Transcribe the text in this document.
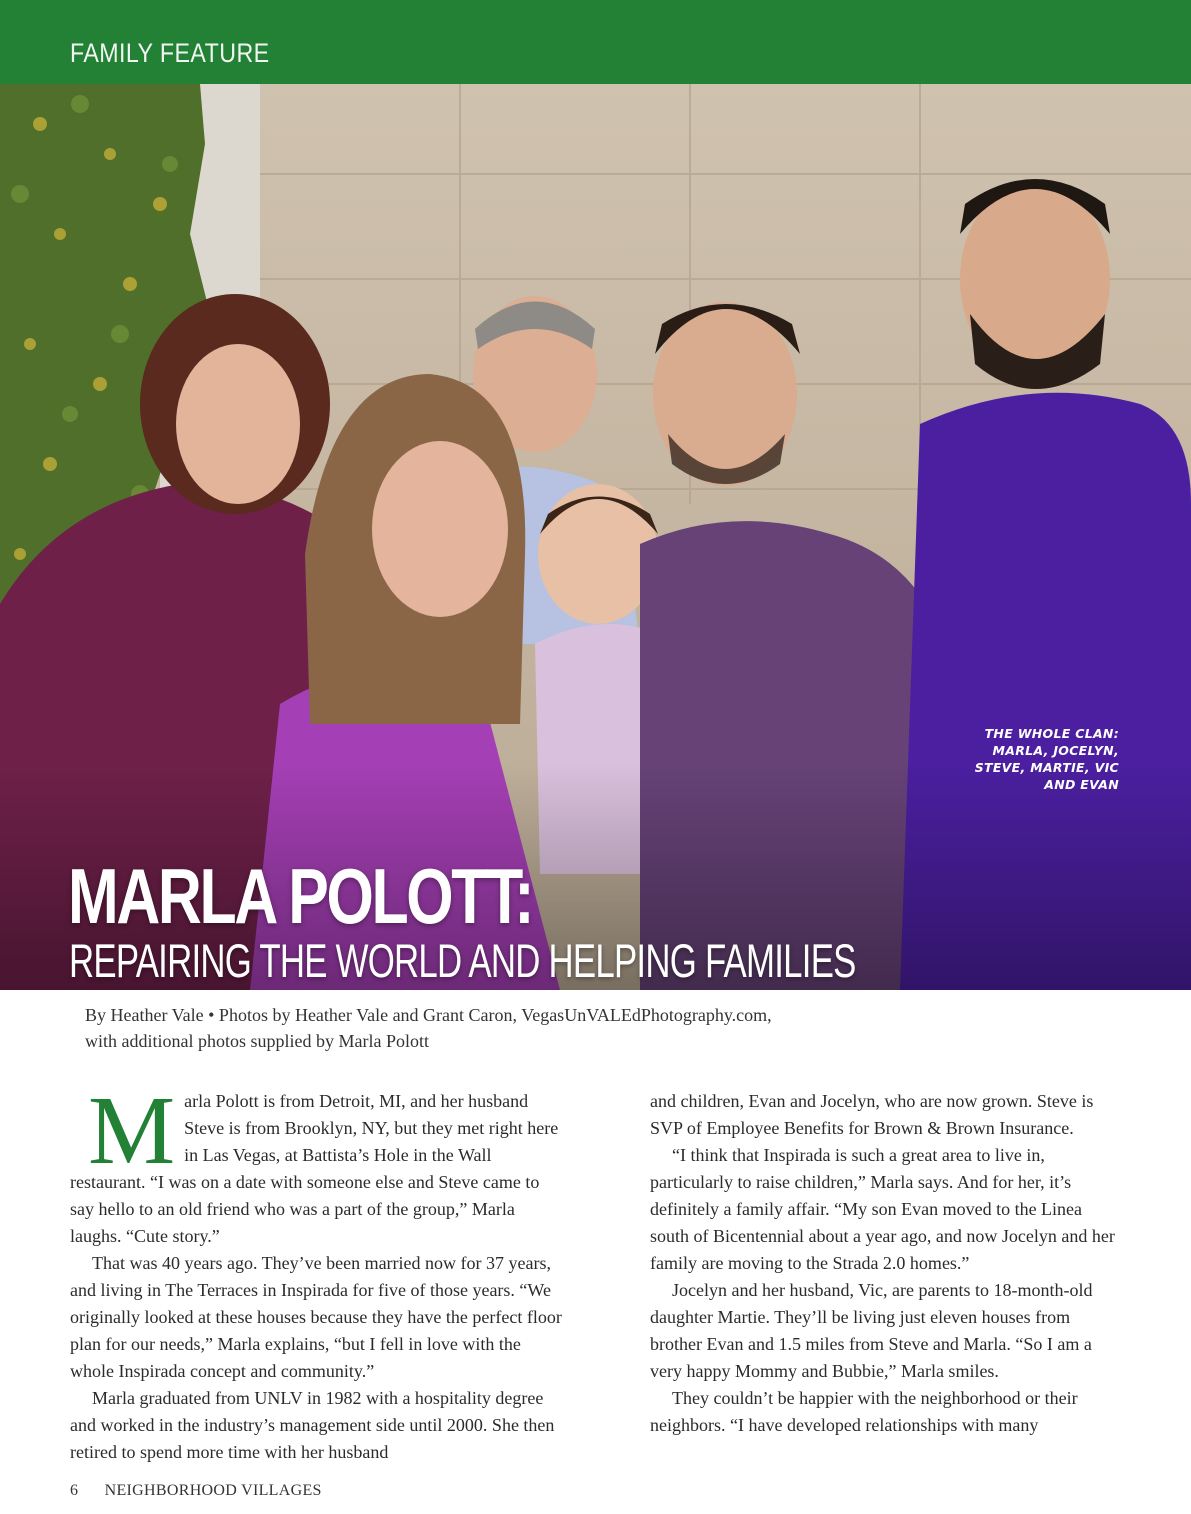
FAMILY FEATURE
THE WHOLE CLAN: MARLA, JOCELYN, STEVE, MARTIE, VIC AND EVAN
MARLA POLOTT:
REPAIRING THE WORLD AND HELPING FAMILIES
By Heather Vale • Photos by Heather Vale and Grant Caron, VegasUnVALEdPhotography.com,
with additional photos supplied by Marla Polott

Marla Polott is from Detroit, MI, and her husband Steve is from Brooklyn, NY, but they met right here in Las Vegas, at Battista’s Hole in the Wall restaurant. “I was on a date with someone else and Steve came to say hello to an old friend who was a part of the group,” Marla laughs. “Cute story.”

That was 40 years ago. They’ve been married now for 37 years, and living in The Terraces in Inspirada for five of those years. “We originally looked at these houses because they have the perfect floor plan for our needs,” Marla explains, “but I fell in love with the whole Inspirada concept and community.”

Marla graduated from UNLV in 1982 with a hospitality degree and worked in the industry’s management side until 2000. She then retired to spend more time with her husband

and children, Evan and Jocelyn, who are now grown. Steve is SVP of Employee Benefits for Brown & Brown Insurance.

“I think that Inspirada is such a great area to live in, particularly to raise children,” Marla says. And for her, it’s definitely a family affair. “My son Evan moved to the Linea south of Bicentennial about a year ago, and now Jocelyn and her family are moving to the Strada 2.0 homes.”

Jocelyn and her husband, Vic, are parents to 18-month-old daughter Martie. They’ll be living just eleven houses from brother Evan and 1.5 miles from Steve and Marla. “So I am a very happy Mommy and Bubbie,” Marla smiles.

They couldn’t be happier with the neighborhood or their neighbors. “I have developed relationships with many

6 NEIGHBORHOOD VILLAGES
